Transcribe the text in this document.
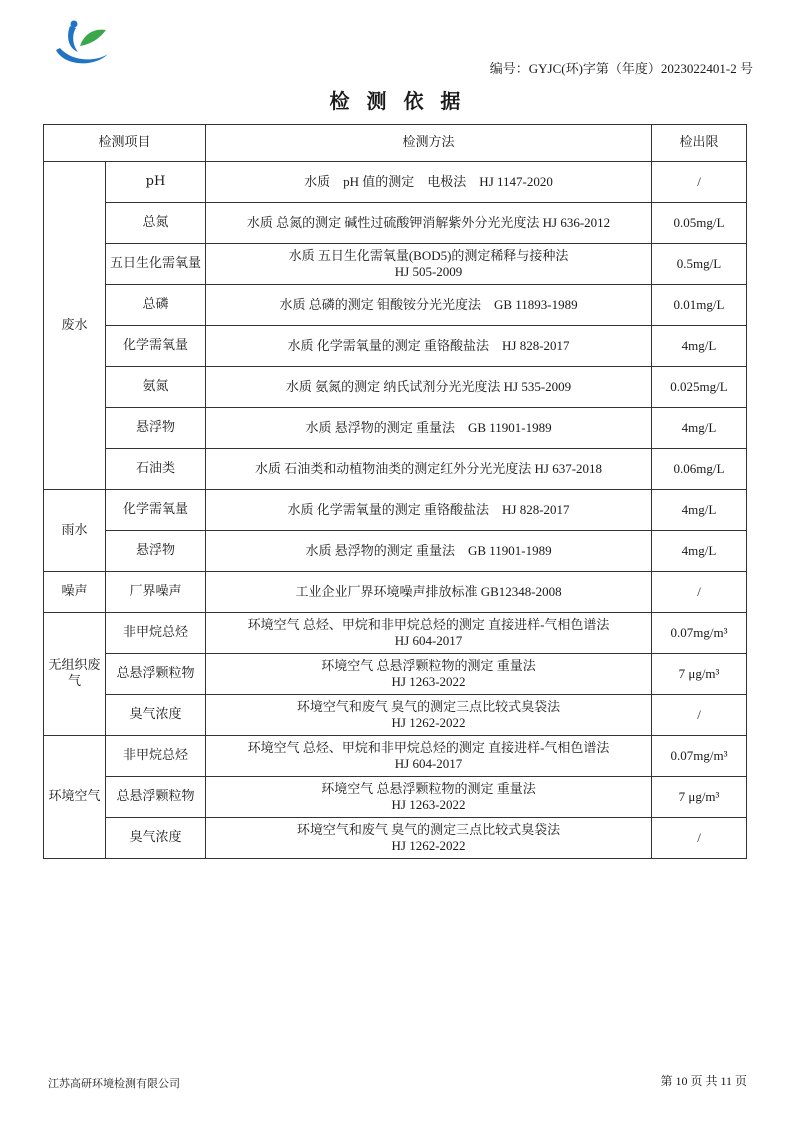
编号：GYJC(环)字第（年度）2023022401-2 号
检 测 依 据
检测项目		检测方法	检出限
废水	pH	水质　pH 值的测定　电极法　HJ 1147-2020	/
	总氮	水质 总氮的测定 碱性过硫酸钾消解紫外分光光度法 HJ 636-2012	0.05mg/L
	五日生化需氧量	水质 五日生化需氧量(BOD5)的测定稀释与接种法
HJ 505-2009	0.5mg/L
	总磷	水质 总磷的测定 钼酸铵分光光度法　GB 11893-1989	0.01mg/L
	化学需氧量	水质 化学需氧量的测定 重铬酸盐法　HJ 828-2017	4mg/L
	氨氮	水质 氨氮的测定 纳氏试剂分光光度法 HJ 535-2009	0.025mg/L
	悬浮物	水质 悬浮物的测定 重量法　GB 11901-1989	4mg/L
	石油类	水质 石油类和动植物油类的测定红外分光光度法 HJ 637-2018	0.06mg/L
雨水	化学需氧量	水质 化学需氧量的测定 重铬酸盐法　HJ 828-2017	4mg/L
	悬浮物	水质 悬浮物的测定 重量法　GB 11901-1989	4mg/L
噪声	厂界噪声	工业企业厂界环境噪声排放标准 GB12348-2008	/
无组织废气	非甲烷总烃	环境空气 总烃、甲烷和非甲烷总烃的测定 直接进样-气相色谱法
HJ 604-2017	0.07mg/m³
	总悬浮颗粒物	环境空气 总悬浮颗粒物的测定 重量法
HJ 1263-2022	7 μg/m³
	臭气浓度	环境空气和废气 臭气的测定三点比较式臭袋法
HJ 1262-2022	/
环境空气	非甲烷总烃	环境空气 总烃、甲烷和非甲烷总烃的测定 直接进样-气相色谱法
HJ 604-2017	0.07mg/m³
	总悬浮颗粒物	环境空气 总悬浮颗粒物的测定 重量法
HJ 1263-2022	7 μg/m³
	臭气浓度	环境空气和废气 臭气的测定三点比较式臭袋法
HJ 1262-2022	/
江苏高研环境检测有限公司	第 10 页 共 11 页
